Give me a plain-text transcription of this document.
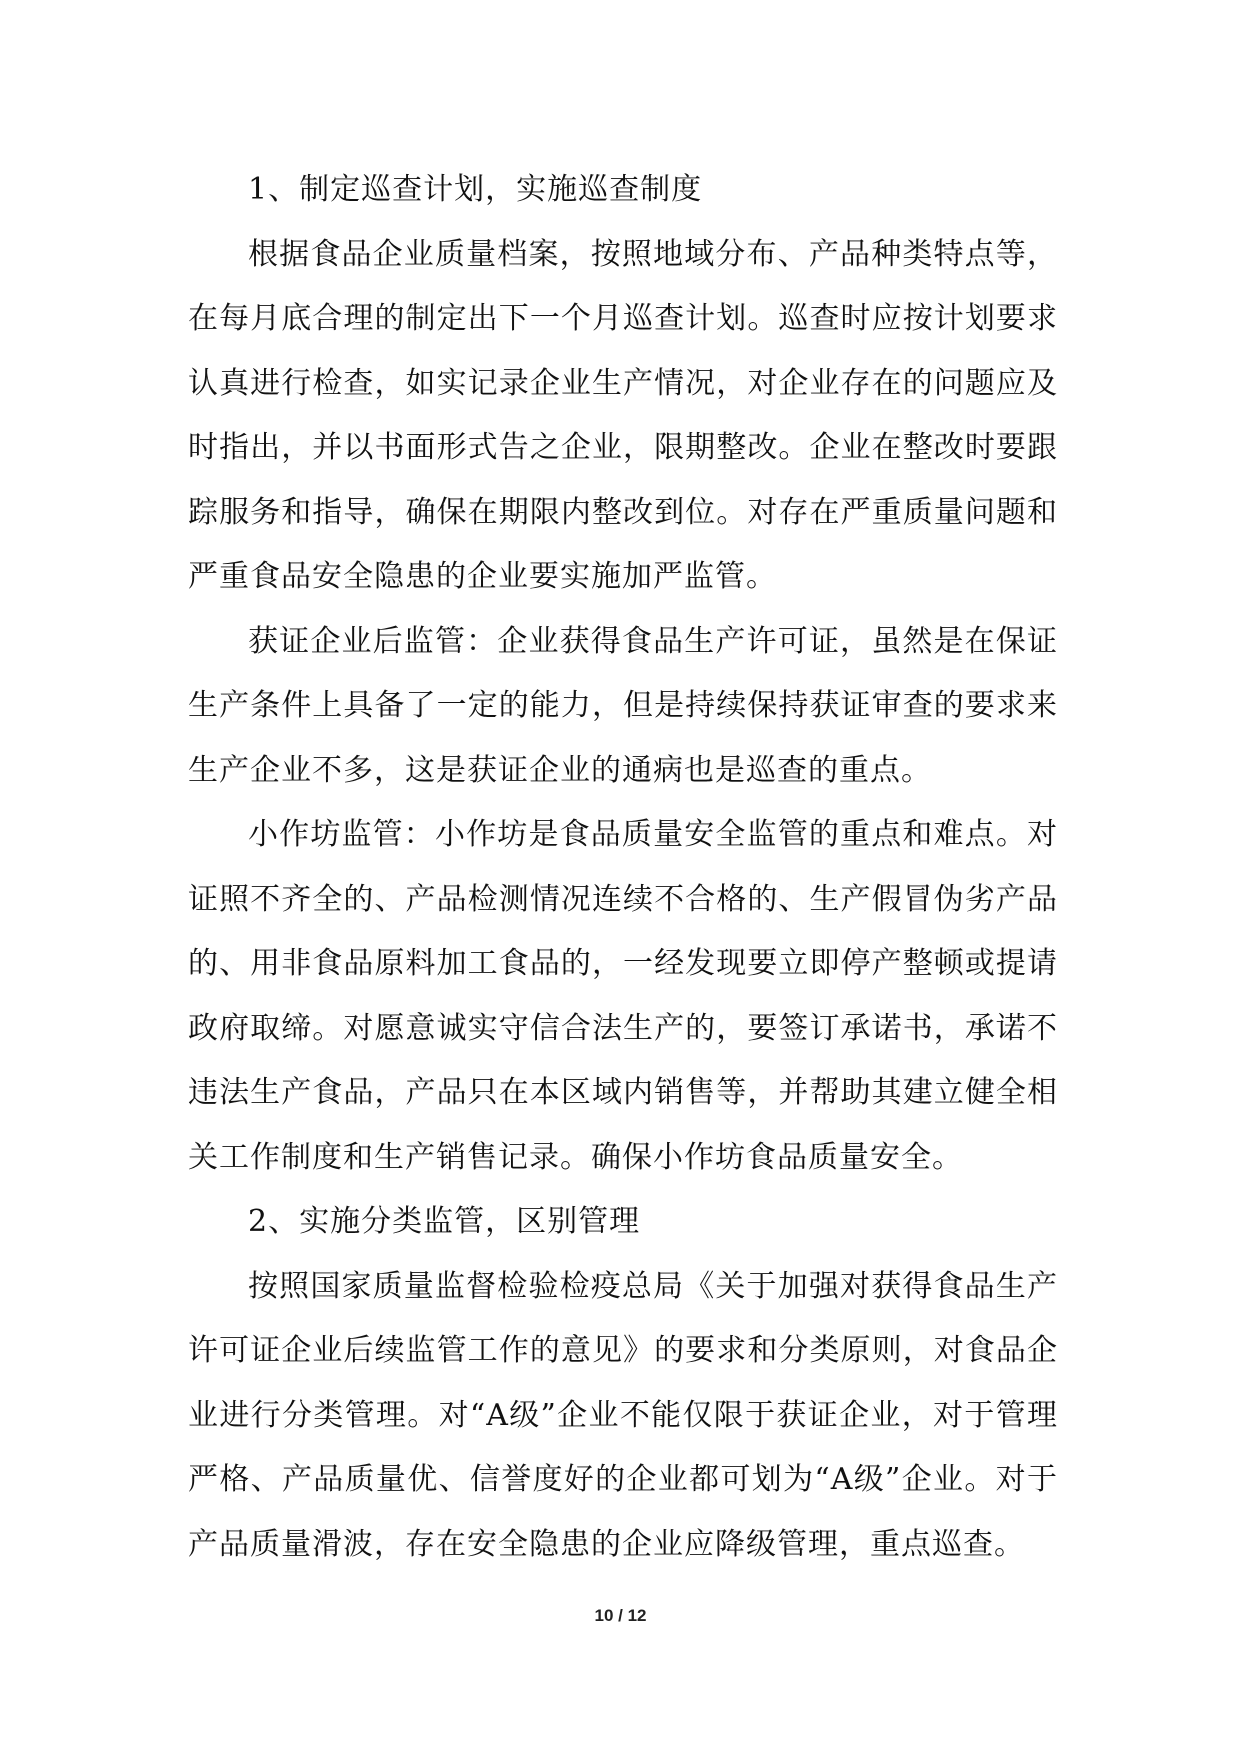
1、制定巡查计划，实施巡查制度

根据食品企业质量档案，按照地域分布、产品种类特点等，在每月底合理的制定出下一个月巡查计划。巡查时应按计划要求认真进行检查，如实记录企业生产情况，对企业存在的问题应及时指出，并以书面形式告之企业，限期整改。企业在整改时要跟踪服务和指导，确保在期限内整改到位。对存在严重质量问题和严重食品安全隐患的企业要实施加严监管。

获证企业后监管：企业获得食品生产许可证，虽然是在保证生产条件上具备了一定的能力，但是持续保持获证审查的要求来生产企业不多，这是获证企业的通病也是巡查的重点。

小作坊监管：小作坊是食品质量安全监管的重点和难点。对证照不齐全的、产品检测情况连续不合格的、生产假冒伪劣产品的、用非食品原料加工食品的，一经发现要立即停产整顿或提请政府取缔。对愿意诚实守信合法生产的，要签订承诺书，承诺不违法生产食品，产品只在本区域内销售等，并帮助其建立健全相关工作制度和生产销售记录。确保小作坊食品质量安全。

2、实施分类监管，区别管理

按照国家质量监督检验检疫总局《关于加强对获得食品生产许可证企业后续监管工作的意见》的要求和分类原则，对食品企业进行分类管理。对“A级”企业不能仅限于获证企业，对于管理严格、产品质量优、信誉度好的企业都可划为“A级”企业。对于产品质量滑波，存在安全隐患的企业应降级管理，重点巡查。

10 / 12
